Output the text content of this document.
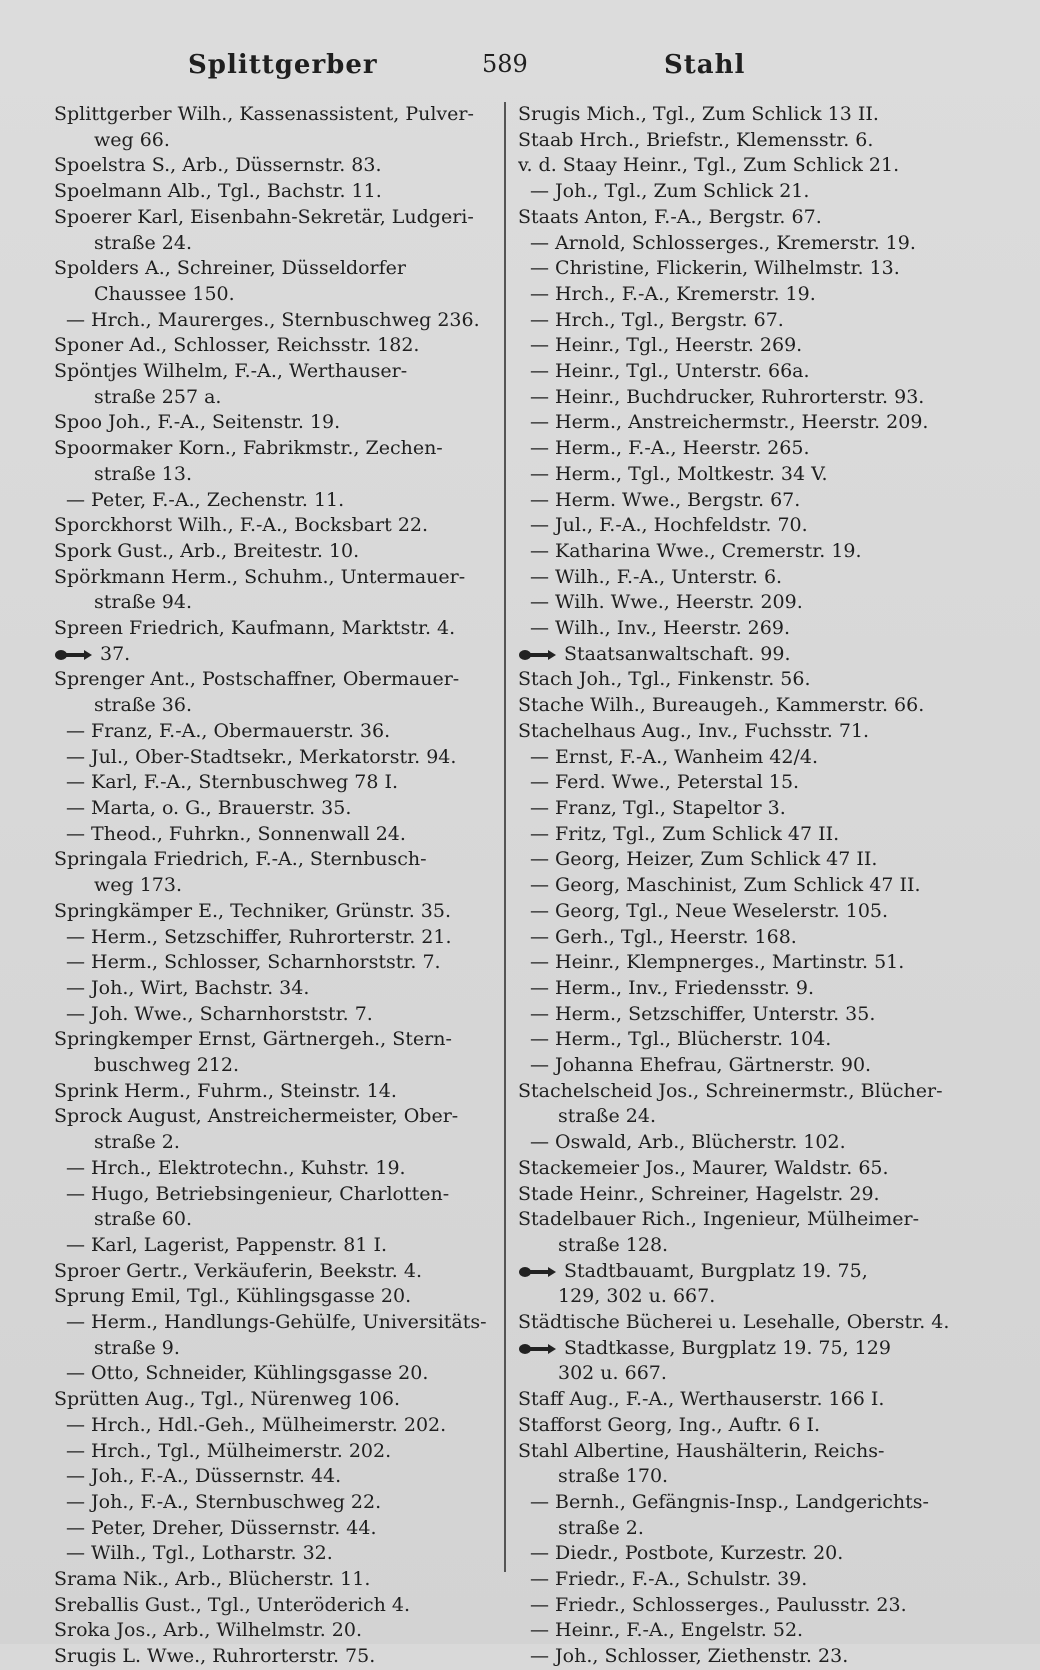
Splittgerber	589	Stahl
Splittgerber Wilh., Kassenassistent, Pulver-
weg 66.
Spoelstra S., Arb., Düssernstr. 83.
Spoelmann Alb., Tgl., Bachstr. 11.
Spoerer Karl, Eisenbahn-Sekretär, Ludgeri-
straße 24.
Spolders A., Schreiner, Düsseldorfer
Chaussee 150.
— Hrch., Maurerges., Sternbuschweg 236.
Sponer Ad., Schlosser, Reichsstr. 182.
Spöntjes Wilhelm, F.-A., Werthauser-
straße 257 a.
Spoo Joh., F.-A., Seitenstr. 19.
Spoormaker Korn., Fabrikmstr., Zechen-
straße 13.
— Peter, F.-A., Zechenstr. 11.
Sporckhorst Wilh., F.-A., Bocksbart 22.
Spork Gust., Arb., Breitestr. 10.
Spörkmann Herm., Schuhm., Untermauer-
straße 94.
Spreen Friedrich, Kaufmann, Marktstr. 4.
37.
Sprenger Ant., Postschaffner, Obermauer-
straße 36.
— Franz, F.-A., Obermauerstr. 36.
— Jul., Ober-Stadtsekr., Merkatorstr. 94.
— Karl, F.-A., Sternbuschweg 78 I.
— Marta, o. G., Brauerstr. 35.
— Theod., Fuhrkn., Sonnenwall 24.
Springala Friedrich, F.-A., Sternbusch-
weg 173.
Springkämper E., Techniker, Grünstr. 35.
— Herm., Setzschiffer, Ruhrorterstr. 21.
— Herm., Schlosser, Scharnhorststr. 7.
— Joh., Wirt, Bachstr. 34.
— Joh. Wwe., Scharnhorststr. 7.
Springkemper Ernst, Gärtnergeh., Stern-
buschweg 212.
Sprink Herm., Fuhrm., Steinstr. 14.
Sprock August, Anstreichermeister, Ober-
straße 2.
— Hrch., Elektrotechn., Kuhstr. 19.
— Hugo, Betriebsingenieur, Charlotten-
straße 60.
— Karl, Lagerist, Pappenstr. 81 I.
Sproer Gertr., Verkäuferin, Beekstr. 4.
Sprung Emil, Tgl., Kühlingsgasse 20.
— Herm., Handlungs-Gehülfe, Universitäts-
straße 9.
— Otto, Schneider, Kühlingsgasse 20.
Sprütten Aug., Tgl., Nürenweg 106.
— Hrch., Hdl.-Geh., Mülheimerstr. 202.
— Hrch., Tgl., Mülheimerstr. 202.
— Joh., F.-A., Düssernstr. 44.
— Joh., F.-A., Sternbuschweg 22.
— Peter, Dreher, Düssernstr. 44.
— Wilh., Tgl., Lotharstr. 32.
Srama Nik., Arb., Blücherstr. 11.
Sreballis Gust., Tgl., Unteröderich 4.
Sroka Jos., Arb., Wilhelmstr. 20.
Srugis L. Wwe., Ruhrorterstr. 75.
Srugis Mich., Tgl., Zum Schlick 13 II.
Staab Hrch., Briefstr., Klemensstr. 6.
v. d. Staay Heinr., Tgl., Zum Schlick 21.
— Joh., Tgl., Zum Schlick 21.
Staats Anton, F.-A., Bergstr. 67.
— Arnold, Schlosserges., Kremerstr. 19.
— Christine, Flickerin, Wilhelmstr. 13.
— Hrch., F.-A., Kremerstr. 19.
— Hrch., Tgl., Bergstr. 67.
— Heinr., Tgl., Heerstr. 269.
— Heinr., Tgl., Unterstr. 66a.
— Heinr., Buchdrucker, Ruhrorterstr. 93.
— Herm., Anstreichermstr., Heerstr. 209.
— Herm., F.-A., Heerstr. 265.
— Herm., Tgl., Moltkestr. 34 V.
— Herm. Wwe., Bergstr. 67.
— Jul., F.-A., Hochfeldstr. 70.
— Katharina Wwe., Cremerstr. 19.
— Wilh., F.-A., Unterstr. 6.
— Wilh. Wwe., Heerstr. 209.
— Wilh., Inv., Heerstr. 269.
Staatsanwaltschaft. 99.
Stach Joh., Tgl., Finkenstr. 56.
Stache Wilh., Bureaugeh., Kammerstr. 66.
Stachelhaus Aug., Inv., Fuchsstr. 71.
— Ernst, F.-A., Wanheim 42/4.
— Ferd. Wwe., Peterstal 15.
— Franz, Tgl., Stapeltor 3.
— Fritz, Tgl., Zum Schlick 47 II.
— Georg, Heizer, Zum Schlick 47 II.
— Georg, Maschinist, Zum Schlick 47 II.
— Georg, Tgl., Neue Weselerstr. 105.
— Gerh., Tgl., Heerstr. 168.
— Heinr., Klempnerges., Martinstr. 51.
— Herm., Inv., Friedensstr. 9.
— Herm., Setzschiffer, Unterstr. 35.
— Herm., Tgl., Blücherstr. 104.
— Johanna Ehefrau, Gärtnerstr. 90.
Stachelscheid Jos., Schreinermstr., Blücher-
straße 24.
— Oswald, Arb., Blücherstr. 102.
Stackemeier Jos., Maurer, Waldstr. 65.
Stade Heinr., Schreiner, Hagelstr. 29.
Stadelbauer Rich., Ingenieur, Mülheimer-
straße 128.
Stadtbauamt, Burgplatz 19. 75,
129, 302 u. 667.
Städtische Bücherei u. Lesehalle, Oberstr. 4.
Stadtkasse, Burgplatz 19. 75, 129
302 u. 667.
Staff Aug., F.-A., Werthauserstr. 166 I.
Stafforst Georg, Ing., Auftr. 6 I.
Stahl Albertine, Haushälterin, Reichs-
straße 170.
— Bernh., Gefängnis-Insp., Landgerichts-
straße 2.
— Diedr., Postbote, Kurzestr. 20.
— Friedr., F.-A., Schulstr. 39.
— Friedr., Schlosserges., Paulusstr. 23.
— Heinr., F.-A., Engelstr. 52.
— Joh., Schlosser, Ziethenstr. 23.
